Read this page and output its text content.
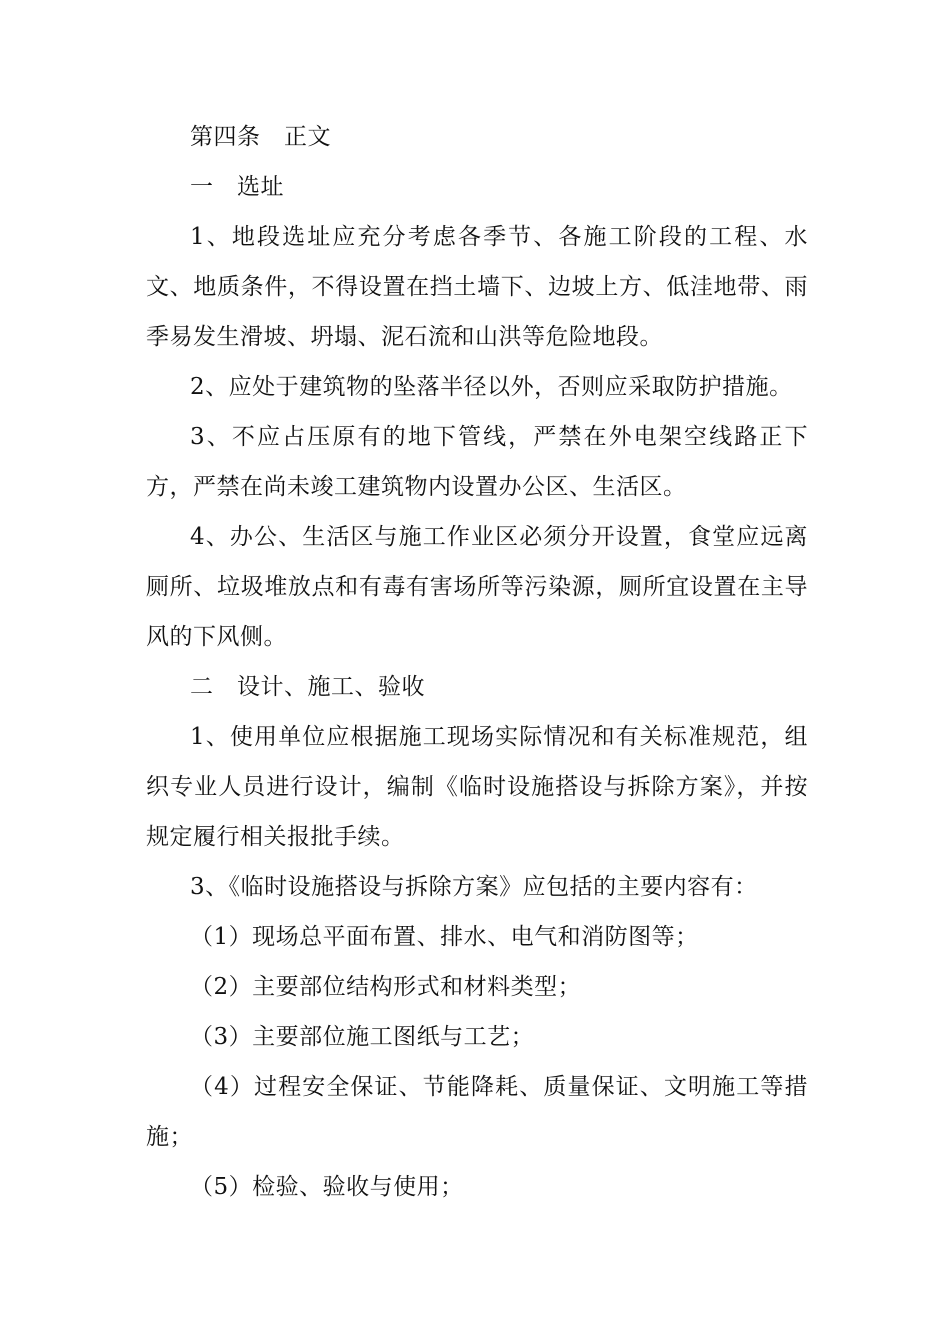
第四条　正文

一　选址

1、地段选址应充分考虑各季节、各施工阶段的工程、水文、地质条件，不得设置在挡土墙下、边坡上方、低洼地带、雨季易发生滑坡、坍塌、泥石流和山洪等危险地段。

2、应处于建筑物的坠落半径以外，否则应采取防护措施。

3、不应占压原有的地下管线，严禁在外电架空线路正下方，严禁在尚未竣工建筑物内设置办公区、生活区。

4、办公、生活区与施工作业区必须分开设置，食堂应远离厕所、垃圾堆放点和有毒有害场所等污染源，厕所宜设置在主导风的下风侧。

二　设计、施工、验收

1、使用单位应根据施工现场实际情况和有关标准规范，组织专业人员进行设计，编制《临时设施搭设与拆除方案》，并按规定履行相关报批手续。

3、《临时设施搭设与拆除方案》应包括的主要内容有：

（1）现场总平面布置、排水、电气和消防图等；

（2）主要部位结构形式和材料类型；

（3）主要部位施工图纸与工艺；

（4）过程安全保证、节能降耗、质量保证、文明施工等措施；

（5）检验、验收与使用；
